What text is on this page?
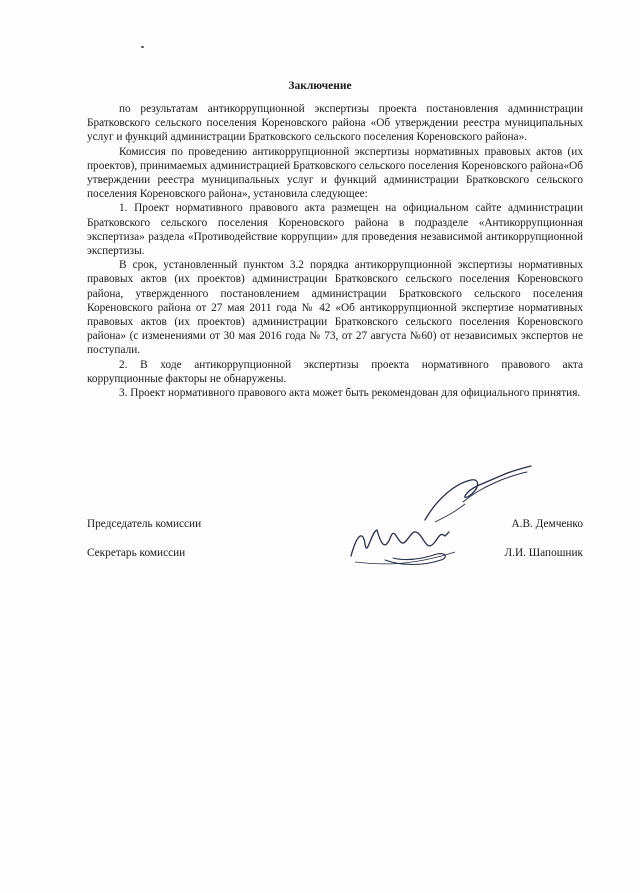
Заключение

по результатам антикоррупционной экспертизы проекта постановления администрации Братковского сельского поселения Кореновского района «Об утверждении реестра муниципальных услуг и функций администрации Братковского сельского поселения Кореновского района».

Комиссия по проведению антикоррупционной экспертизы нормативных правовых актов (их проектов), принимаемых администрацией Братковского сельского поселения Кореновского района«Об утверждении реестра муниципальных услуг и функций администрации Братковского сельского поселения Кореновского района», установила следующее:

1. Проект нормативного правового акта размещен на официальном сайте администрации Братковского сельского поселения Кореновского района в подразделе «Антикоррупционная экспертиза» раздела «Противодействие коррупции» для проведения независимой антикоррупционной экспертизы.

В срок, установленный пунктом 3.2 порядка антикоррупционной экспертизы нормативных правовых актов (их проектов) администрации Братковского сельского поселения Кореновского района, утвержденного постановлением администрации Братковского сельского поселения Кореновского района от 27 мая 2011 года № 42 «Об антикоррупционной экспертизе нормативных правовых актов (их проектов) администрации Братковского сельского поселения Кореновского района» (с изменениями от 30 мая 2016 года № 73, от 27 августа №60) от независимых экспертов не поступали.

2. В ходе антикоррупционной экспертизы проекта нормативного правового акта коррупционные факторы не обнаружены.

3. Проект нормативного правового акта может быть рекомендован для официального принятия.

Председатель комиссии	А.В. Демченко
Секретарь комиссии	Л.И. Шапошник
